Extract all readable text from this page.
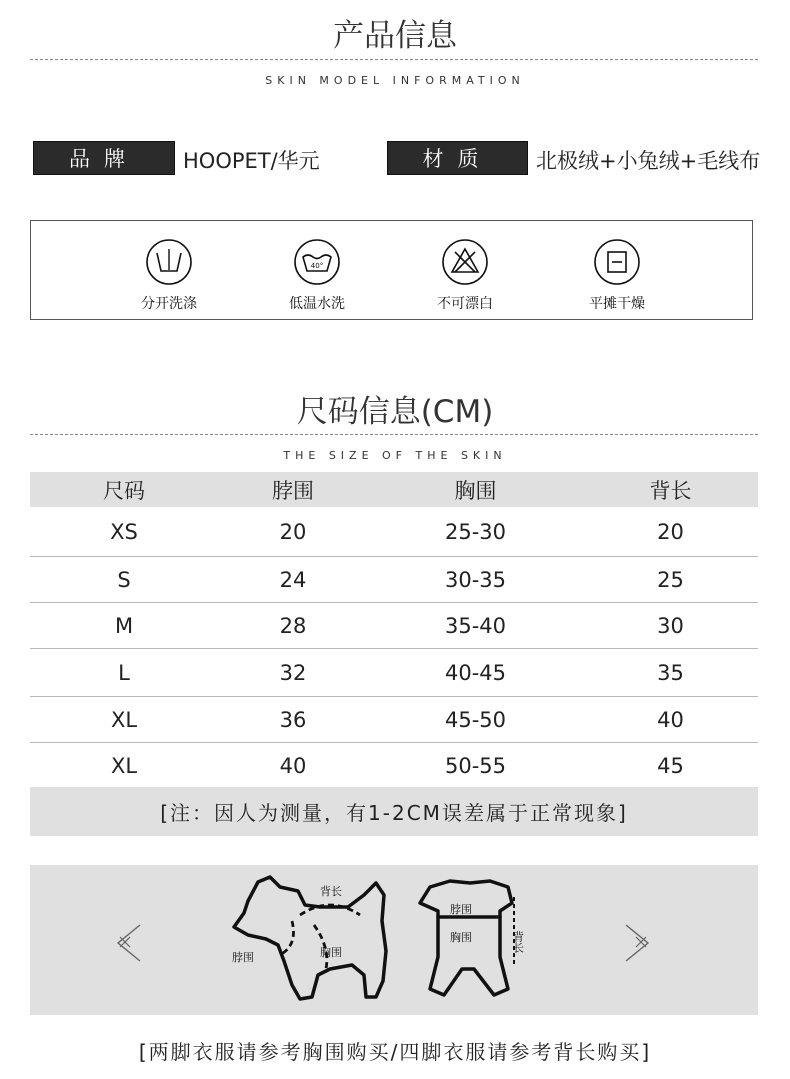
产品信息
SKIN MODEL INFORMATION
品牌 HOOPET/华元	材质 北极绒+小兔绒+毛线布
分开洗涤
40°
低温水洗	不可漂白	平摊干燥
尺码信息(CM)
THE SIZE OF THE SKIN
尺码	脖围	胸围	背长
XS	20	25-30	20
S	24	30-35	25
M	28	35-40	30
L	32	40-45	35
XL	36	45-50	40
XL	40	50-55	45
[注：因人为测量，有1-2CM误差属于正常现象]
背长
脖围	胸围
脖围
胸围	背长
[两脚衣服请参考胸围购买/四脚衣服请参考背长购买]
